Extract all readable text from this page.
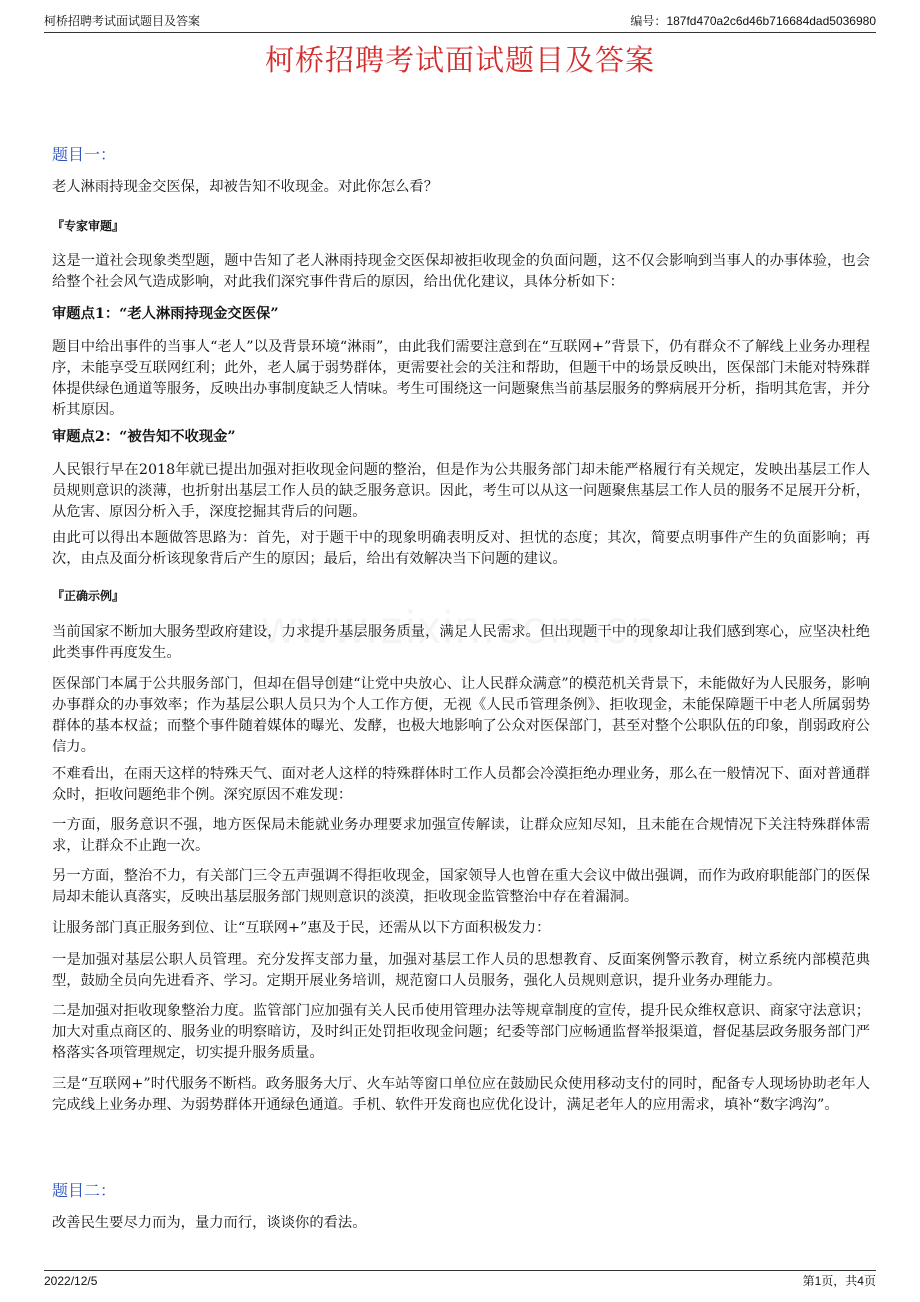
柯桥招聘考试面试题目及答案	编号：187fd470a2c6d46b716684dad5036980
柯桥招聘考试面试题目及答案
题目一：

老人淋雨持现金交医保，却被告知不收现金。对此你怎么看？

『专家审题』

这是一道社会现象类型题，题中告知了老人淋雨持现金交医保却被拒收现金的负面问题，这不仅会影响到当事人的办事体验，也会给整个社会风气造成影响，对此我们深究事件背后的原因，给出优化建议，具体分析如下：

审题点1：“老人淋雨持现金交医保”

题目中给出事件的当事人“老人”以及背景环境“淋雨”，由此我们需要注意到在“互联网+”背景下，仍有群众不了解线上业务办理程序，未能享受互联网红利；此外，老人属于弱势群体，更需要社会的关注和帮助，但题干中的场景反映出，医保部门未能对特殊群体提供绿色通道等服务，反映出办事制度缺乏人情味。考生可围绕这一问题聚焦当前基层服务的弊病展开分析，指明其危害，并分析其原因。

审题点2：“被告知不收现金”

人民银行早在2018年就已提出加强对拒收现金问题的整治，但是作为公共服务部门却未能严格履行有关规定，发映出基层工作人员规则意识的淡薄，也折射出基层工作人员的缺乏服务意识。因此，考生可以从这一问题聚焦基层工作人员的服务不足展开分析，从危害、原因分析入手，深度挖掘其背后的问题。

由此可以得出本题做答思路为：首先，对于题干中的现象明确表明反对、担忧的态度；其次，简要点明事件产生的负面影响；再次，由点及面分析该现象背后产生的原因；最后，给出有效解决当下问题的建议。

『正确示例』

当前国家不断加大服务型政府建设，力求提升基层服务质量，满足人民需求。但出现题干中的现象却让我们感到寒心，应坚决杜绝此类事件再度发生。

医保部门本属于公共服务部门，但却在倡导创建“让党中央放心、让人民群众满意”的模范机关背景下，未能做好为人民服务，影响办事群众的办事效率；作为基层公职人员只为个人工作方便，无视《人民币管理条例》、拒收现金，未能保障题干中老人所属弱势群体的基本权益；而整个事件随着媒体的曝光、发酵，也极大地影响了公众对医保部门，甚至对整个公职队伍的印象，削弱政府公信力。

不难看出，在雨天这样的特殊天气、面对老人这样的特殊群体时工作人员都会冷漠拒绝办理业务，那么在一般情况下、面对普通群众时，拒收问题绝非个例。深究原因不难发现：

一方面，服务意识不强，地方医保局未能就业务办理要求加强宣传解读，让群众应知尽知，且未能在合规情况下关注特殊群体需求，让群众不止跑一次。

另一方面，整治不力，有关部门三令五声强调不得拒收现金，国家领导人也曾在重大会议中做出强调，而作为政府职能部门的医保局却未能认真落实，反映出基层服务部门规则意识的淡漠，拒收现金监管整治中存在着漏洞。

让服务部门真正服务到位、让“互联网+”惠及于民，还需从以下方面积极发力：

一是加强对基层公职人员管理。充分发挥支部力量，加强对基层工作人员的思想教育、反面案例警示教育，树立系统内部模范典型，鼓励全员向先进看齐、学习。定期开展业务培训，规范窗口人员服务，强化人员规则意识，提升业务办理能力。

二是加强对拒收现象整治力度。监管部门应加强有关人民币使用管理办法等规章制度的宣传，提升民众维权意识、商家守法意识；加大对重点商区的、服务业的明察暗访，及时纠正处罚拒收现金问题；纪委等部门应畅通监督举报渠道，督促基层政务服务部门严格落实各项管理规定，切实提升服务质量。

三是“互联网+”时代服务不断档。政务服务大厅、火车站等窗口单位应在鼓励民众使用移动支付的同时，配备专人现场协助老年人完成线上业务办理、为弱势群体开通绿色通道。手机、软件开发商也应优化设计，满足老年人的应用需求，填补“数字鸿沟”。

题目二：

改善民生要尽力而为，量力而行，谈谈你的看法。

2022/12/5	第1页，共4页
